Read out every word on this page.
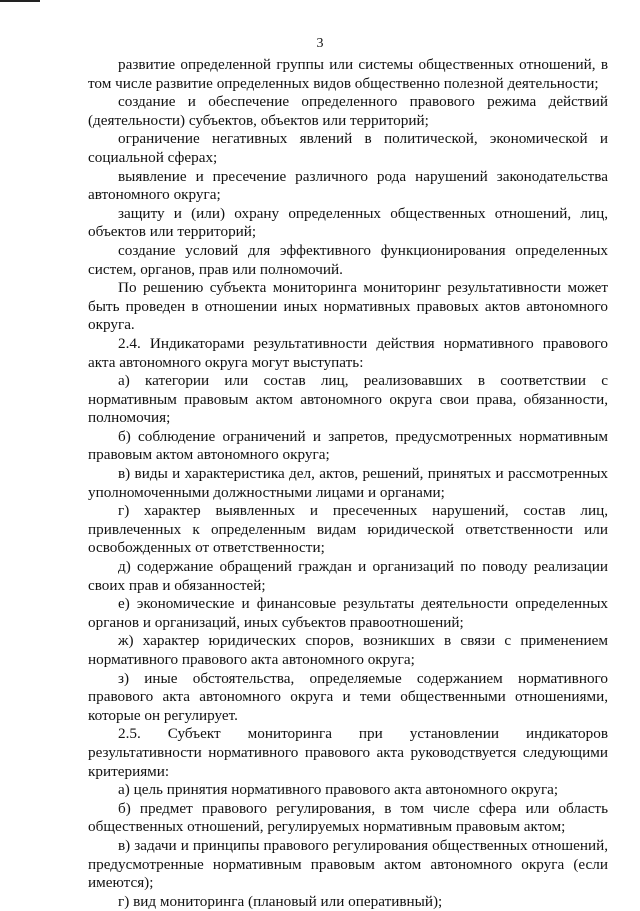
3

развитие определенной группы или системы общественных отношений, в том числе развитие определенных видов общественно полезной деятельности;

создание и обеспечение определенного правового режима действий (деятельности) субъектов, объектов или территорий;

ограничение негативных явлений в политической, экономической и социальной сферах;

выявление и пресечение различного рода нарушений законодательства автономного округа;

защиту и (или) охрану определенных общественных отношений, лиц, объектов или территорий;

создание условий для эффективного функционирования определенных систем, органов, прав или полномочий.

По решению субъекта мониторинга мониторинг результативности может быть проведен в отношении иных нормативных правовых актов автономного округа.

2.4. Индикаторами результативности действия нормативного правового акта автономного округа могут выступать:

а) категории или состав лиц, реализовавших в соответствии с нормативным правовым актом автономного округа свои права, обязанности, полномочия;

б) соблюдение ограничений и запретов, предусмотренных нормативным правовым актом автономного округа;

в) виды и характеристика дел, актов, решений, принятых и рассмотренных уполномоченными должностными лицами и органами;

г) характер выявленных и пресеченных нарушений, состав лиц, привлеченных к определенным видам юридической ответственности или освобожденных от ответственности;

д) содержание обращений граждан и организаций по поводу реализации своих прав и обязанностей;

е) экономические и финансовые результаты деятельности определенных органов и организаций, иных субъектов правоотношений;

ж) характер юридических споров, возникших в связи с применением нормативного правового акта автономного округа;

з) иные обстоятельства, определяемые содержанием нормативного правового акта автономного округа и теми общественными отношениями, которые он регулирует.

2.5. Субъект мониторинга при установлении индикаторов результативности нормативного правового акта руководствуется следующими критериями:

а) цель принятия нормативного правового акта автономного округа;

б) предмет правового регулирования, в том числе сфера или область общественных отношений, регулируемых нормативным правовым актом;

в) задачи и принципы правового регулирования общественных отношений, предусмотренные нормативным правовым актом автономного округа (если имеются);

г) вид мониторинга (плановый или оперативный);
